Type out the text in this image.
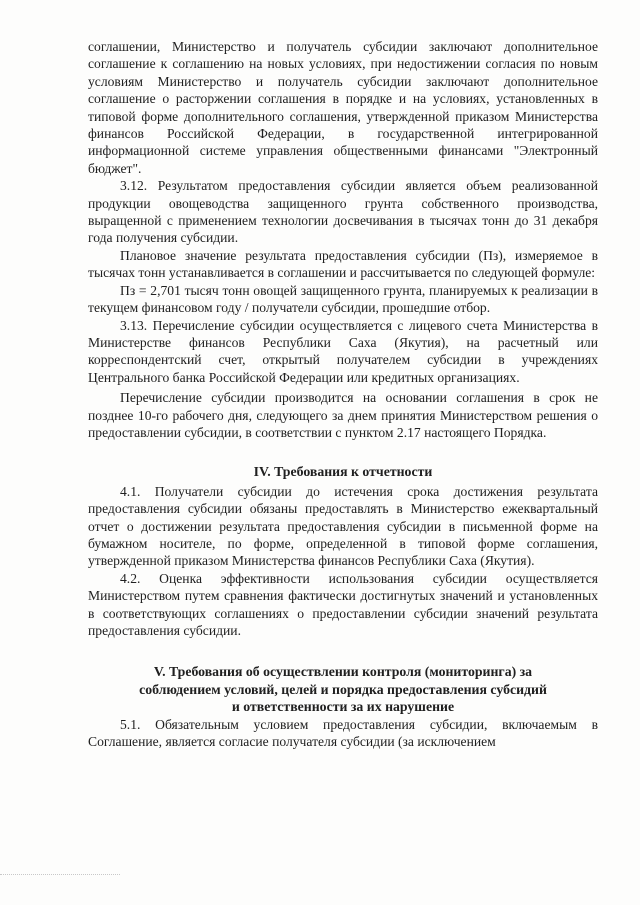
соглашении, Министерство и получатель субсидии заключают дополнительное соглашение к соглашению на новых условиях, при недостижении согласия по новым условиям Министерство и получатель субсидии заключают дополнительное соглашение о расторжении соглашения в порядке и на условиях, установленных в типовой форме дополнительного соглашения, утвержденной приказом Министерства финансов Российской Федерации, в государственной интегрированной информационной системе управления общественными финансами "Электронный бюджет".

3.12. Результатом предоставления субсидии является объем реализованной продукции овощеводства защищенного грунта собственного производства, выращенной с применением технологии досвечивания в тысячах тонн до 31 декабря года получения субсидии.

Плановое значение результата предоставления субсидии (Пз), измеряемое в тысячах тонн устанавливается в соглашении и рассчитывается по следующей формуле:

Пз = 2,701 тысяч тонн овощей защищенного грунта, планируемых к реализации в текущем финансовом году / получатели субсидии, прошедшие отбор.

3.13. Перечисление субсидии осуществляется с лицевого счета Министерства в Министерстве финансов Республики Саха (Якутия), на расчетный или корреспондентский счет, открытый получателем субсидии в учреждениях Центрального банка Российской Федерации или кредитных организациях.

Перечисление субсидии производится на основании соглашения в срок не позднее 10-го рабочего дня, следующего за днем принятия Министерством решения о предоставлении субсидии, в соответствии с пунктом 2.17 настоящего Порядка.

IV. Требования к отчетности

4.1. Получатели субсидии до истечения срока достижения результата предоставления субсидии обязаны предоставлять в Министерство ежеквартальный отчет о достижении результата предоставления субсидии в письменной форме на бумажном носителе, по форме, определенной в типовой форме соглашения, утвержденной приказом Министерства финансов Республики Саха (Якутия).

4.2. Оценка эффективности использования субсидии осуществляется Министерством путем сравнения фактически достигнутых значений и установленных в соответствующих соглашениях о предоставлении субсидии значений результата предоставления субсидии.

V. Требования об осуществлении контроля (мониторинга) за
соблюдением условий, целей и порядка предоставления субсидий
и ответственности за их нарушение

5.1. Обязательным условием предоставления субсидии, включаемым в Соглашение, является согласие получателя субсидии (за исключением
